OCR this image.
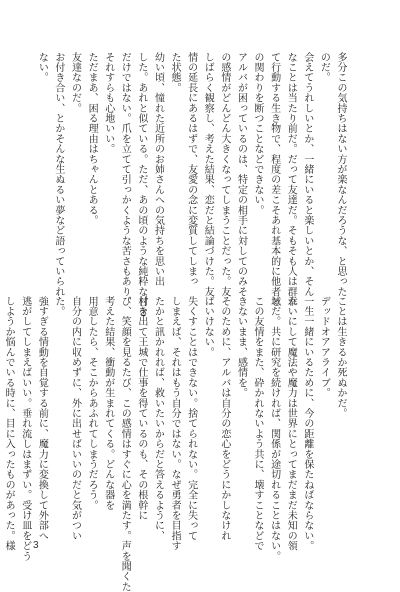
多分この気持ちはない方が楽なんだろうな、と思った

のだ。

会えてうれしいとか、一緒にいると楽しいとか、そん

なことは当たり前だ。だって友達だ。そもそも人は群れ

て行動する生き物で、程度の差こそあれ基本的に他者と

の関わりを断つことなどできない。

アルバが困っているのは、特定の相手に対してのみそ

の感情がどんどん大きくなってしまうことだった。友

しばらく観察し、考えた結果、恋だと結論づけた。友

情の延長にあるはずで、友愛の念に変質してしまっ

た状態。

幼い頃、憧れた近所のお姉さんへの気持ちを思い出

した。あれと似ている。ただ、あの頃のような純粋な甘さ

だけではない。爪を立てて引っかくような苦さもあり、

それすらも心地いい。

ただまあ、困る理由はちゃんとある。

友達なのだ。

お付き合い、とかそんな生ぬるい夢など語っていられ

ない。

ことは生きるか死ぬかだ。

デッドオアアライブ。

一生一緒にいるために、今の距離を保たねばならない。

幸いにして魔法や魔力は世界にとってまだまだ未知の領

域だ。共に研究を続ければ、関係が途切れることはない。

この友情をまた、砕かれないよう共に、壊すことなどで

きないまま、感情を。

そのために、アルバは自分の恋心をどうにかしなけれ

ばいけない。

失くすことはできない。捨てられない。完全に失って

しまえば、それはもう自分ではない。なぜ勇者を目指す

たかと訊かれれば、救いたいからだと答えるように、

村を出て王城で仕事を得ているのも、その根幹に

び、笑顔を見るたび、この感情はすぐに心を満たす。声を聞くた

考えた結果、衝動が生まれてくる。どんな器を

用意したら、そこからあふれてしまうだろう。

自分の内に収めずに、外に出せばいいのだと気がつい

た。

強すぎる情動を自覚する前に、魔力に変換して外部へ

逃がしてしまえばいい。垂れ流しはまずい。受け皿をどう

しようか悩んでいる時に、目に入ったものがあった。様 3
